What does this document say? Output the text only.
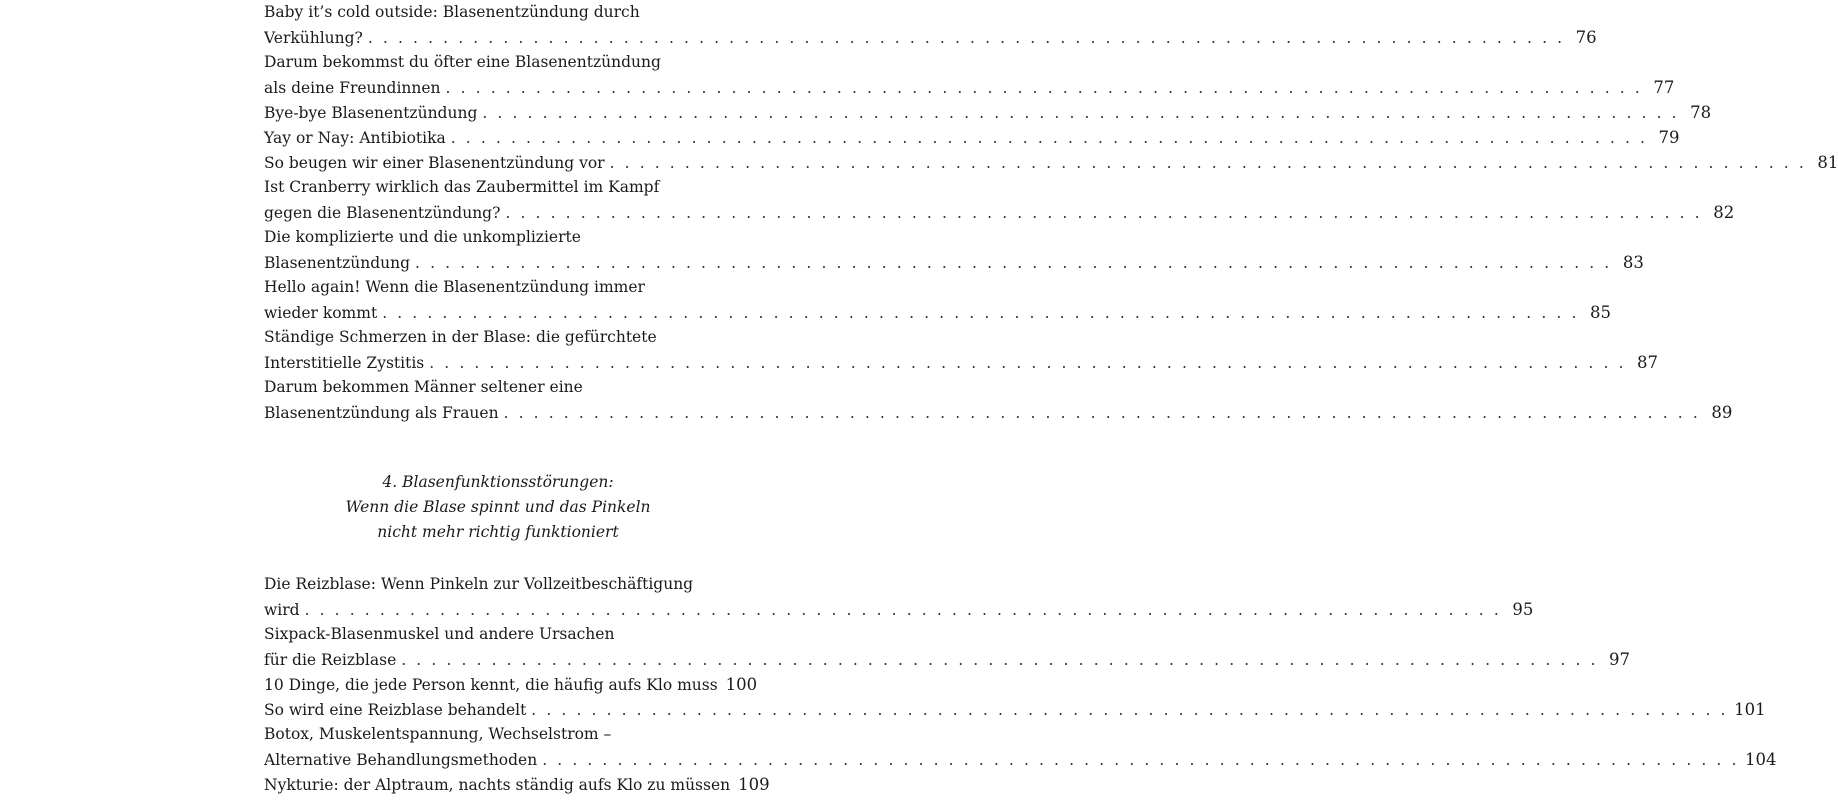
Baby it’s cold outside: Blasenentzündung durch
Verkühlung? . . . . . . . . . . . . . . . . . . . . . . . . . . . . . . . . . . . . . . . . . . . . . . . . . . . . . . . . . . . . . . . . . . . . . . . . . . . . . . . . 76
Darum bekommst du öfter eine Blasenentzündung
als deine Freundinnen . . . . . . . . . . . . . . . . . . . . . . . . . . . . . . . . . . . . . . . . . . . . . . . . . . . . . . . . . . . . . . . . . . . . . . . . . . . . . . . . 77
Bye-bye Blasenentzündung . . . . . . . . . . . . . . . . . . . . . . . . . . . . . . . . . . . . . . . . . . . . . . . . . . . . . . . . . . . . . . . . . . . . . . . . . . . . . . . . 78
Yay or Nay: Antibiotika . . . . . . . . . . . . . . . . . . . . . . . . . . . . . . . . . . . . . . . . . . . . . . . . . . . . . . . . . . . . . . . . . . . . . . . . . . . . . . . . 79
So beugen wir einer Blasenentzündung vor . . . . . . . . . . . . . . . . . . . . . . . . . . . . . . . . . . . . . . . . . . . . . . . . . . . . . . . . . . . . . . . . . . . . . . . . . . . . . . . . 81
Ist Cranberry wirklich das Zaubermittel im Kampf
gegen die Blasenentzündung? . . . . . . . . . . . . . . . . . . . . . . . . . . . . . . . . . . . . . . . . . . . . . . . . . . . . . . . . . . . . . . . . . . . . . . . . . . . . . . . . 82
Die komplizierte und die unkomplizierte
Blasenentzündung . . . . . . . . . . . . . . . . . . . . . . . . . . . . . . . . . . . . . . . . . . . . . . . . . . . . . . . . . . . . . . . . . . . . . . . . . . . . . . . . 83
Hello again! Wenn die Blasenentzündung immer
wieder kommt . . . . . . . . . . . . . . . . . . . . . . . . . . . . . . . . . . . . . . . . . . . . . . . . . . . . . . . . . . . . . . . . . . . . . . . . . . . . . . . . 85
Ständige Schmerzen in der Blase: die gefürchtete
Interstitielle Zystitis . . . . . . . . . . . . . . . . . . . . . . . . . . . . . . . . . . . . . . . . . . . . . . . . . . . . . . . . . . . . . . . . . . . . . . . . . . . . . . . . 87
Darum bekommen Männer seltener eine
Blasenentzündung als Frauen . . . . . . . . . . . . . . . . . . . . . . . . . . . . . . . . . . . . . . . . . . . . . . . . . . . . . . . . . . . . . . . . . . . . . . . . . . . . . . . . 89
4. Blasenfunktionsstörungen:
Wenn die Blase spinnt und das Pinkeln
nicht mehr richtig funktioniert
Die Reizblase: Wenn Pinkeln zur Vollzeitbeschäftigung
wird . . . . . . . . . . . . . . . . . . . . . . . . . . . . . . . . . . . . . . . . . . . . . . . . . . . . . . . . . . . . . . . . . . . . . . . . . . . . . . . . 95
Sixpack-Blasenmuskel und andere Ursachen
für die Reizblase . . . . . . . . . . . . . . . . . . . . . . . . . . . . . . . . . . . . . . . . . . . . . . . . . . . . . . . . . . . . . . . . . . . . . . . . . . . . . . . . 97
10 Dinge, die jede Person kennt, die häufig aufs Klo muss 100
So wird eine Reizblase behandelt . . . . . . . . . . . . . . . . . . . . . . . . . . . . . . . . . . . . . . . . . . . . . . . . . . . . . . . . . . . . . . . . . . . . . . . . . . . . . . . . 101
Botox, Muskelentspannung, Wechselstrom –
Alternative Behandlungsmethoden . . . . . . . . . . . . . . . . . . . . . . . . . . . . . . . . . . . . . . . . . . . . . . . . . . . . . . . . . . . . . . . . . . . . . . . . . . . . . . . . 104
Nykturie: der Alptraum, nachts ständig aufs Klo zu müssen 109
